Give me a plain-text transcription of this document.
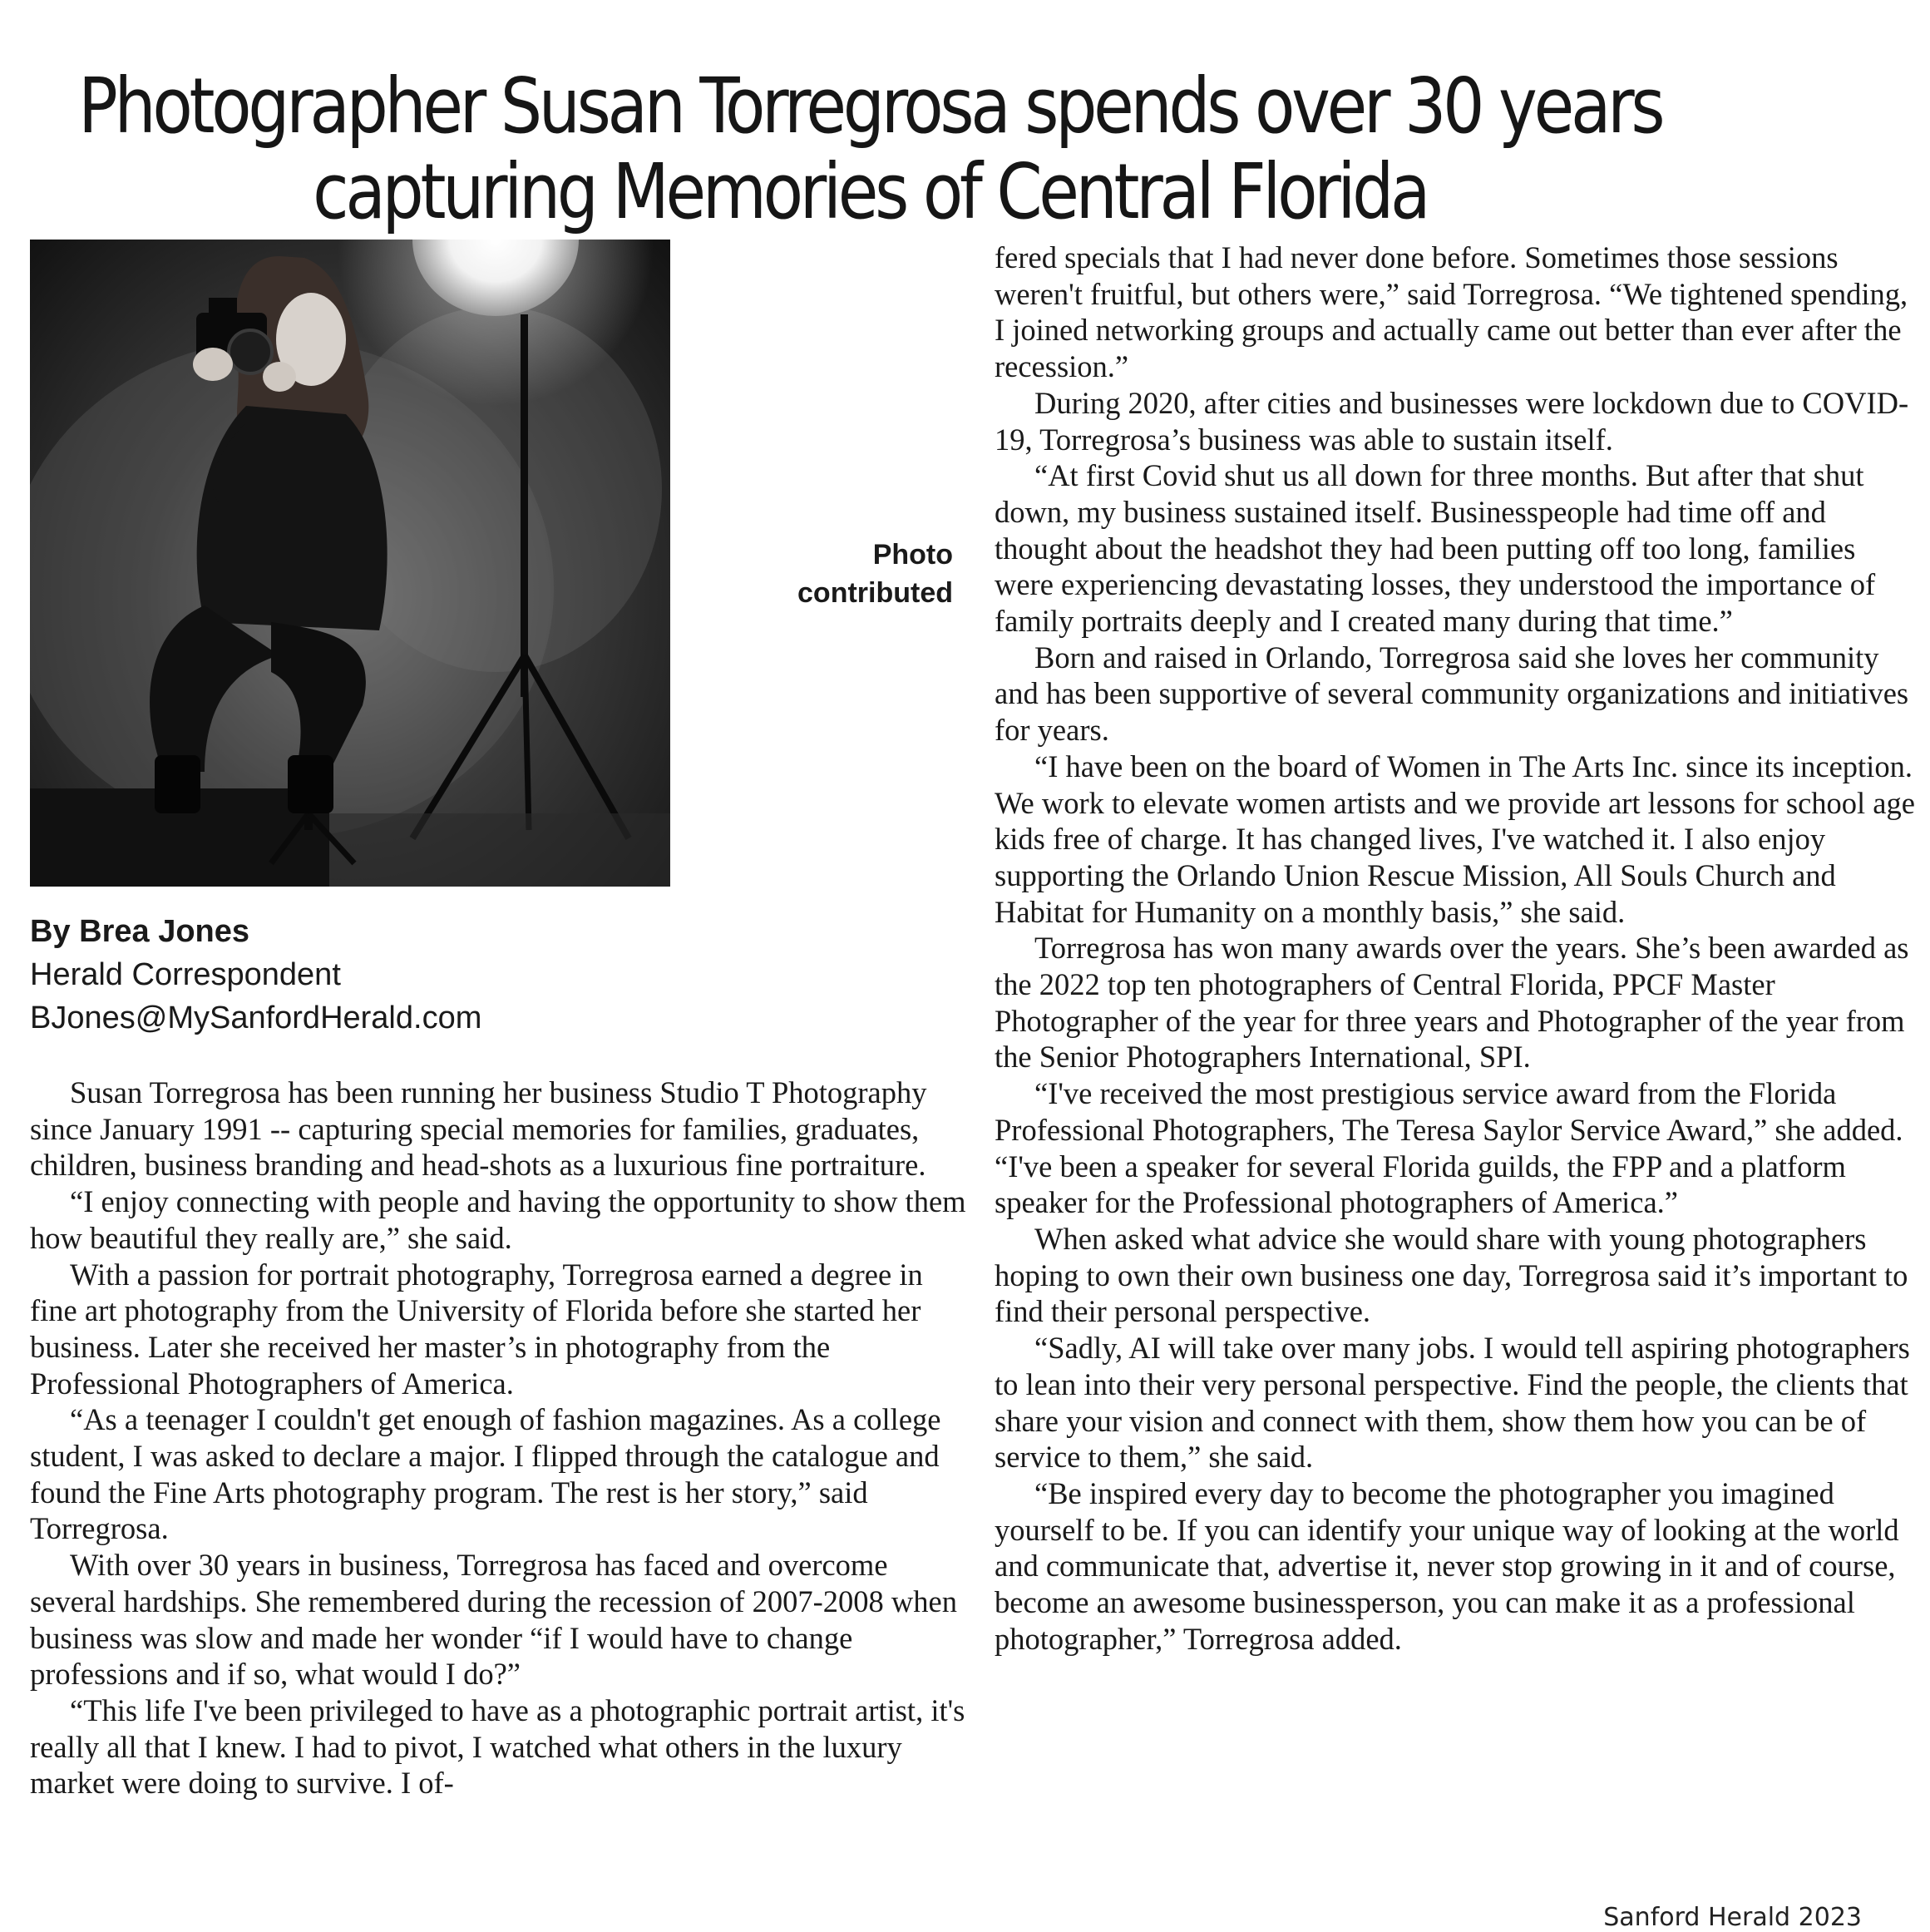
Photographer Susan Torregrosa spends over 30 years
capturing Memories of Central Florida
Photo
contributed
By Brea Jones
Herald Correspondent
BJones@MySanfordHerald.com

Susan Torregrosa has been running her business Studio T Photography since January 1991 -- capturing special memories for families, graduates, children, business branding and head-shots as a luxurious fine portraiture.

“I enjoy connecting with people and having the opportunity to show them how beautiful they really are,” she said.

With a passion for portrait photography, Torregrosa earned a degree in fine art photography from the University of Florida before she started her business. Later she received her master’s in photography from the Professional Photographers of America.

“As a teenager I couldn't get enough of fashion magazines. As a college student, I was asked to declare a major. I flipped through the catalogue and found the Fine Arts photography program. The rest is her story,” said Torregrosa.

With over 30 years in business, Torregrosa has faced and overcome several hardships. She remembered during the recession of 2007-2008 when business was slow and made her wonder “if I would have to change professions and if so, what would I do?”

“This life I've been privileged to have as a photographic portrait artist, it's really all that I knew. I had to pivot, I watched what others in the luxury market were doing to survive. I of-

fered specials that I had never done before. Sometimes those sessions weren't fruitful, but others were,” said Torregrosa. “We tightened spending, I joined networking groups and actually came out better than ever after the recession.”

During 2020, after cities and businesses were lockdown due to COVID-19, Torregrosa’s business was able to sustain itself.

“At first Covid shut us all down for three months. But after that shut down, my business sustained itself. Businesspeople had time off and thought about the headshot they had been putting off too long, families were experiencing devastating losses, they understood the importance of family portraits deeply and I created many during that time.”

Born and raised in Orlando, Torregrosa said she loves her community and has been supportive of several community organizations and initiatives for years.

“I have been on the board of Women in The Arts Inc. since its inception. We work to elevate women artists and we provide art lessons for school age kids free of charge. It has changed lives, I've watched it. I also enjoy supporting the Orlando Union Rescue Mission, All Souls Church and Habitat for Humanity on a monthly basis,” she said.

Torregrosa has won many awards over the years. She’s been awarded as the 2022 top ten photographers of Central Florida, PPCF Master Photographer of the year for three years and Photographer of the year from the Senior Photographers International, SPI.

“I've received the most prestigious service award from the Florida Professional Photographers, The Teresa Saylor Service Award,” she added. “I've been a speaker for several Florida guilds, the FPP and a platform speaker for the Professional photographers of America.”

When asked what advice she would share with young photographers hoping to own their own business one day, Torregrosa said it’s important to find their personal perspective.

“Sadly, AI will take over many jobs. I would tell aspiring photographers to lean into their very personal perspective. Find the people, the clients that share your vision and connect with them, show them how you can be of service to them,” she said.

“Be inspired every day to become the photographer you imagined yourself to be. If you can identify your unique way of looking at the world and communicate that, advertise it, never stop growing in it and of course, become an awesome businessperson, you can make it as a professional photographer,” Torregrosa added.

Sanford Herald 2023
